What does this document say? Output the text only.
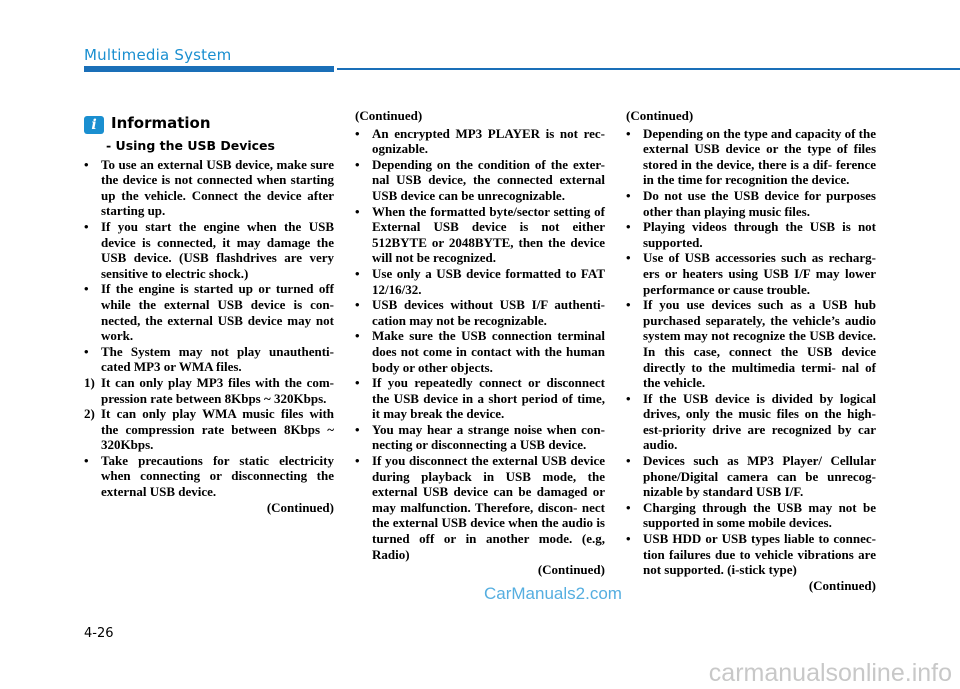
Multimedia System
i Information
- Using the USB Devices
• To use an external USB device, make sure the device is not connected when starting up the vehicle. Connect the device after starting up.
• If you start the engine when the USB device is connected, it may damage the USB device. (USB flashdrives are very sensitive to electric shock.)
• If the engine is started up or turned off while the external USB device is con- nected, the external USB device may not work.
• The System may not play unauthenti- cated MP3 or WMA files.
1) It can only play MP3 files with the com- pression rate between 8Kbps ~ 320Kbps.
2) It can only play WMA music files with the compression rate between 8Kbps ~ 320Kbps.
• Take precautions for static electricity when connecting or disconnecting the external USB device.
(Continued)
(Continued)
• An encrypted MP3 PLAYER is not rec- ognizable.
• Depending on the condition of the exter- nal USB device, the connected external USB device can be unrecognizable.
• When the formatted byte/sector setting of External USB device is not either 512BYTE or 2048BYTE, then the device will not be recognized.
• Use only a USB device formatted to FAT 12/16/32.
• USB devices without USB I/F authenti- cation may not be recognizable.
• Make sure the USB connection terminal does not come in contact with the human body or other objects.
• If you repeatedly connect or disconnect the USB device in a short period of time, it may break the device.
• You may hear a strange noise when con- necting or disconnecting a USB device.
• If you disconnect the external USB device during playback in USB mode, the external USB device can be damaged or may malfunction. Therefore, discon- nect the external USB device when the audio is turned off or in another mode. (e.g, Radio)
(Continued)
(Continued)
• Depending on the type and capacity of the external USB device or the type of files stored in the device, there is a dif- ference in the time for recognition the device.
• Do not use the USB device for purposes other than playing music files.
• Playing videos through the USB is not supported.
• Use of USB accessories such as recharg- ers or heaters using USB I/F may lower performance or cause trouble.
• If you use devices such as a USB hub purchased separately, the vehicle’s audio system may not recognize the USB device. In this case, connect the USB device directly to the multimedia termi- nal of the vehicle.
• If the USB device is divided by logical drives, only the music files on the high- est-priority drive are recognized by car audio.
• Devices such as MP3 Player/ Cellular phone/Digital camera can be unrecog- nizable by standard USB I/F.
• Charging through the USB may not be supported in some mobile devices.
• USB HDD or USB types liable to connec- tion failures due to vehicle vibrations are not supported. (i-stick type)
(Continued)
CarManuals2.com
4-26
carmanualsonline.info
